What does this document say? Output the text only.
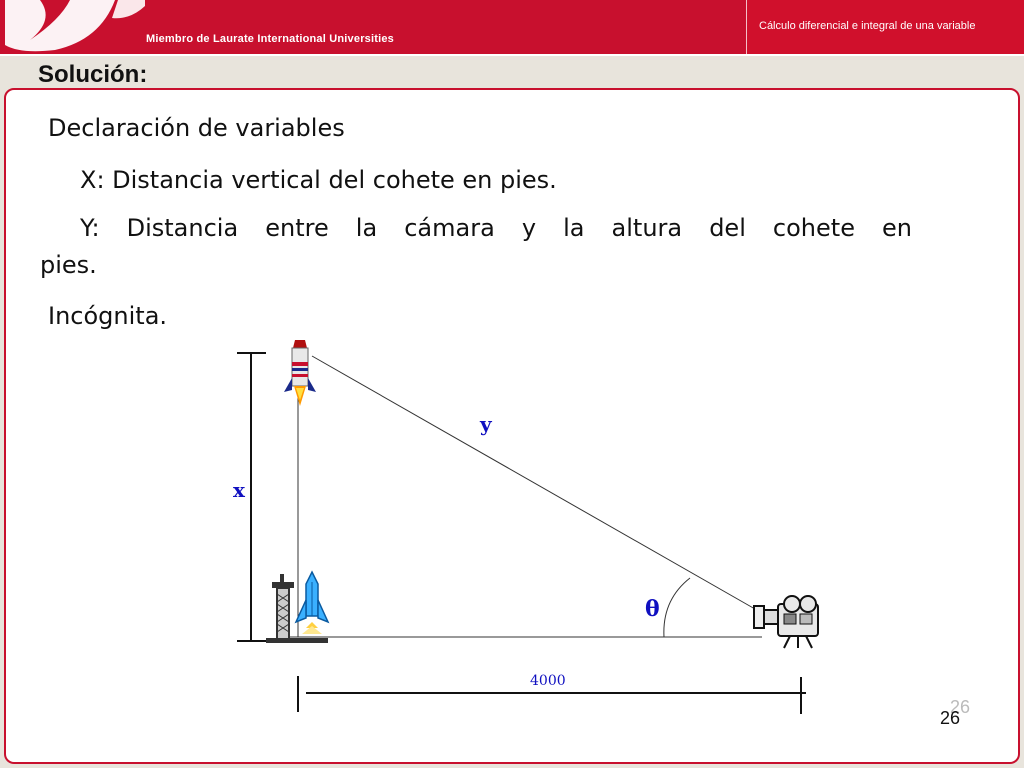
Miembro de Laurate International Universities
Cálculo diferencial e integral de una variable
Solución:
Declaración de variables
X: Distancia vertical del cohete en pies.
Y: Distancia entre la cámara y la altura del cohete en
pies.
Incógnita.
x
y
θ
4000
26
26
